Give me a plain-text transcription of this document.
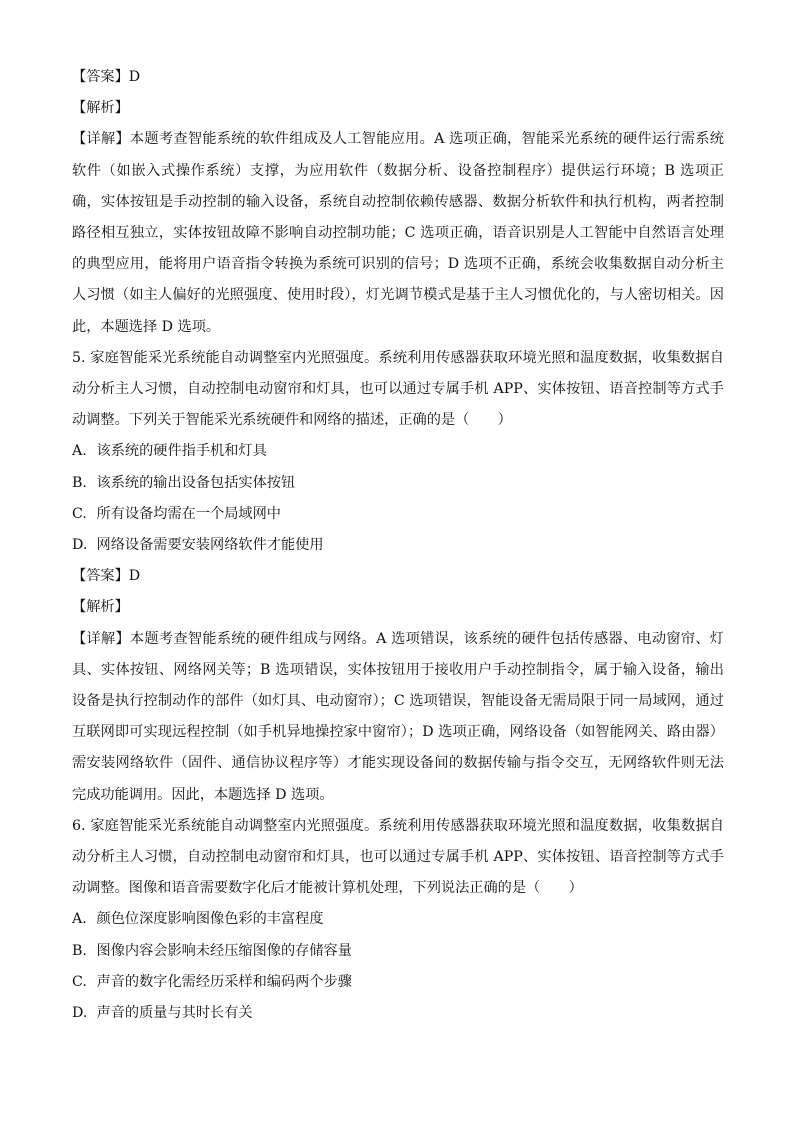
【答案】D
【解析】
【详解】本题考查智能系统的软件组成及人工智能应用。A 选项正确，智能采光系统的硬件运行需系统软件（如嵌入式操作系统）支撑，为应用软件（数据分析、设备控制程序）提供运行环境；B 选项正确，实体按钮是手动控制的输入设备，系统自动控制依赖传感器、数据分析软件和执行机构，两者控制路径相互独立，实体按钮故障不影响自动控制功能；C 选项正确，语音识别是人工智能中自然语言处理的典型应用，能将用户语音指令转换为系统可识别的信号；D 选项不正确，系统会收集数据自动分析主人习惯（如主人偏好的光照强度、使用时段），灯光调节模式是基于主人习惯优化的，与人密切相关。因此，本题选择 D 选项。
5. 家庭智能采光系统能自动调整室内光照强度。系统利用传感器获取环境光照和温度数据，收集数据自动分析主人习惯，自动控制电动窗帘和灯具，也可以通过专属手机 APP、实体按钮、语音控制等方式手动调整。下列关于智能采光系统硬件和网络的描述，正确的是（　　）
A. 该系统的硬件指手机和灯具
B. 该系统的输出设备包括实体按钮
C. 所有设备均需在一个局域网中
D. 网络设备需要安装网络软件才能使用
【答案】D
【解析】
【详解】本题考查智能系统的硬件组成与网络。A 选项错误，该系统的硬件包括传感器、电动窗帘、灯具、实体按钮、网络网关等；B 选项错误，实体按钮用于接收用户手动控制指令，属于输入设备，输出设备是执行控制动作的部件（如灯具、电动窗帘）；C 选项错误，智能设备无需局限于同一局域网，通过互联网即可实现远程控制（如手机异地操控家中窗帘）；D 选项正确，网络设备（如智能网关、路由器）需安装网络软件（固件、通信协议程序等）才能实现设备间的数据传输与指令交互，无网络软件则无法完成功能调用。因此，本题选择 D 选项。
6. 家庭智能采光系统能自动调整室内光照强度。系统利用传感器获取环境光照和温度数据，收集数据自动分析主人习惯，自动控制电动窗帘和灯具，也可以通过专属手机 APP、实体按钮、语音控制等方式手动调整。图像和语音需要数字化后才能被计算机处理，下列说法正确的是（　　）
A. 颜色位深度影响图像色彩的丰富程度
B. 图像内容会影响未经压缩图像的存储容量
C. 声音的数字化需经历采样和编码两个步骤
D. 声音的质量与其时长有关
